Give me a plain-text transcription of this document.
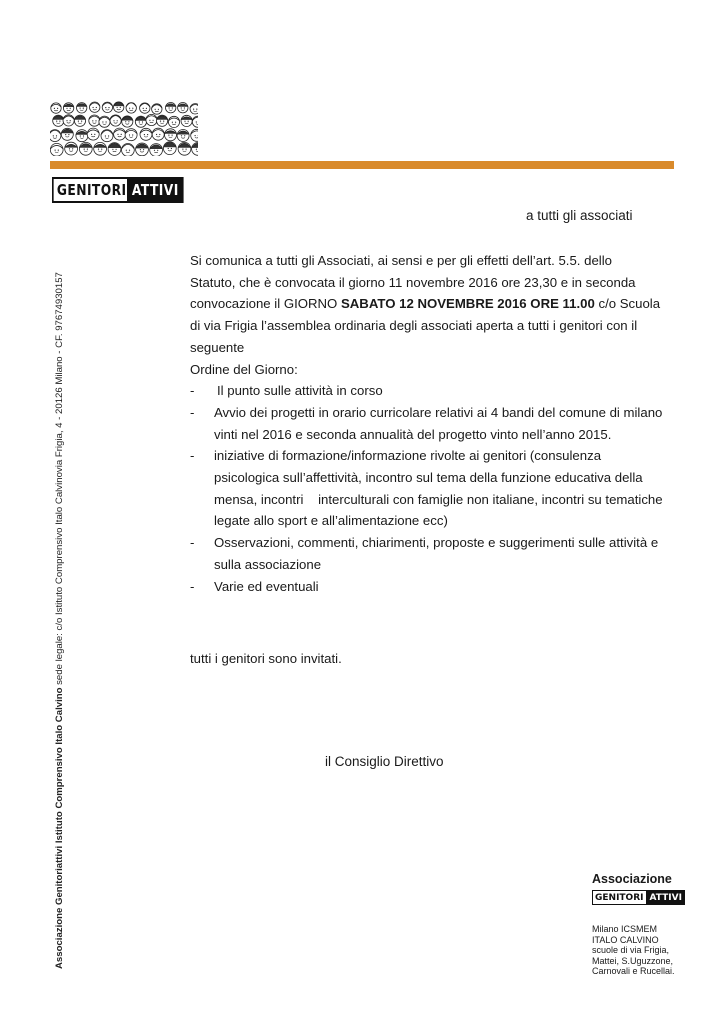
GENITORI ATTIVI
a tutti gli associati

Si comunica a tutti gli Associati, ai sensi e per gli effetti dell’art. 5.5. dello

Statuto, che è convocata il giorno 11 novembre 2016 ore 23,30 e in seconda

convocazione il GIORNO SABATO 12 NOVEMBRE 2016 ORE 11.00 c/o Scuola

di via Frigia l’assemblea ordinaria degli associati aperta a tutti i genitori con il

seguente

Ordine del Giorno:

- Il punto sulle attività in corso
- Avvio dei progetti in orario curricolare relativi ai 4 bandi del comune di milano
vinti nel 2016 e seconda annualità del progetto vinto nell’anno 2015.
- iniziative di formazione/informazione rivolte ai genitori (consulenza
psicologica sull’affettività, incontro sul tema della funzione educativa della
mensa, incontri    interculturali con famiglie non italiane, incontri su tematiche
legate allo sport e all’alimentazione ecc)
- Osservazioni, commenti, chiarimenti, proposte e suggerimenti sulle attività e
sulla associazione
- Varie ed eventuali
tutti i genitori sono invitati.
il Consiglio Direttivo
Associazione Genitoriattivi Istituto Comprensivo Italo Calvino sede legale: c/o Istituto Comprensivo Italo Calvinovia Frigia, 4 - 20126 Milano - CF. 97674930157
Associazione
GENITORI ATTIVI
Milano ICSMEM
ITALO CALVINO
scuole di via Frigia,
Mattei, S.Uguzzone,
Carnovali e Rucellai.
